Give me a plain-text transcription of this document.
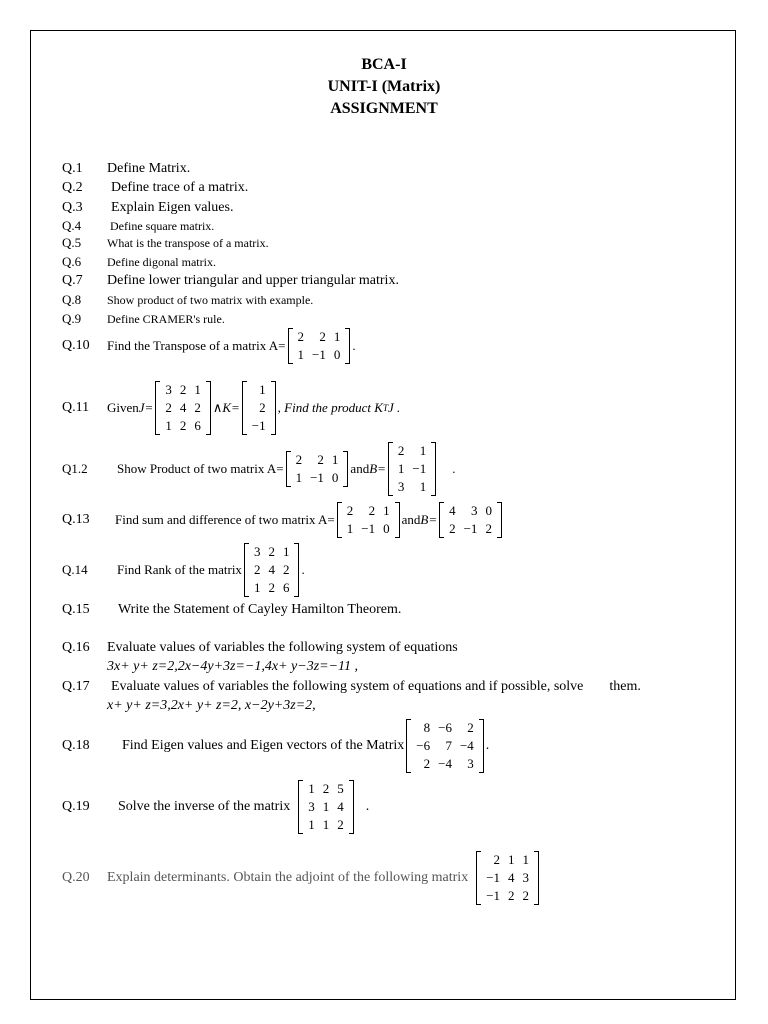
BCA-I
UNIT-I (Matrix)
ASSIGNMENT
Q.1	Define Matrix.
Q.2	Define trace of a matrix.
Q.3	Explain Eigen values.
Q.4	Define square matrix.
Q.5	What is the transpose of a matrix.
Q.6	Define digonal matrix.
Q.7	Define lower triangular and upper triangular matrix.
Q.8	Show product of two matrix with example.
Q.9	Define CRAMER's rule.
Q.10	Find the Transpose of a matrix A=
2	2 1
1 −1 0
.
Q.11	Given J=
3 2 1
2 4 2
1 2 6
∧ K=
1
2
−1
, Find the product K T J .
Q1.2	Show Product of two matrix A=
2	2 1
1 −1 0
and B=
2	1
1 −1
3	1
.
Q.13	Find sum and difference of two matrix A=
2	2 1
1 −1 0
and B=
4	3 0
2 −1 2
Q.14	Find Rank of the matrix
3 2 1
2 4 2
1 2 6
.
Q.15	Write the Statement of Cayley Hamilton Theorem.
Q.16	Evaluate values of variables the following system of equations
3x+ y+ z=2,2x−4y+3z=−1,4x+ y−3z=−11 ,
Q.17	Evaluate values of variables the following system of equations and if possible, solve	them.
x+ y+ z=3,2x+ y+ z=2, x−2y+3z=2,
Q.18	Find Eigen values and Eigen vectors of the Matrix
8 −6	2
−6	7 −4
2 −4	3
.
Q.19	Solve the inverse of the matrix
1 2 5
3 1 4
1 1 2
.
Q.20	Explain determinants. Obtain the adjoint of the following matrix
2 1 1
−1 4 3
−1 2 2
